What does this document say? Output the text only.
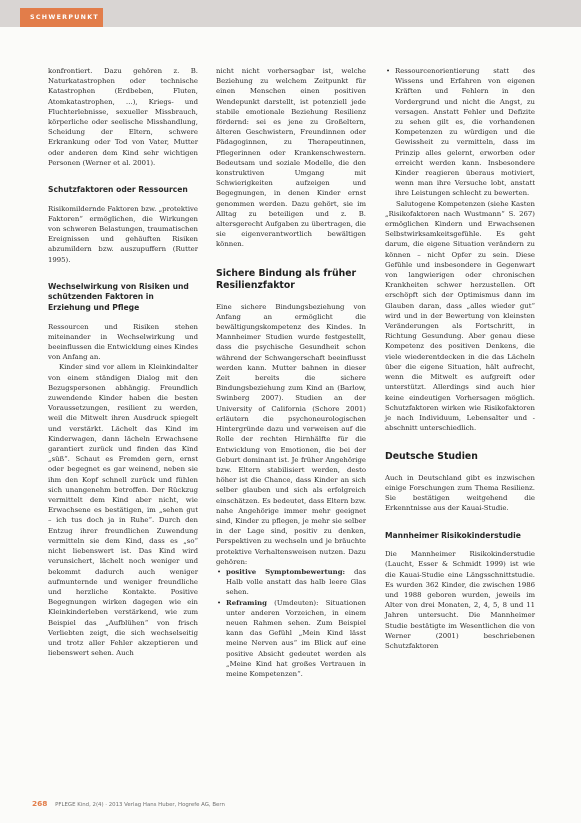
SCHWERPUNKT

konfrontiert. Dazu gehören z. B. Naturkatastrophen oder technische Katastrophen (Erdbeben, Fluten, Atomkatastrophen, …), Kriegs- und Fluchterlebnisse, sexueller Missbrauch, körperliche oder seelische Misshandlung, Scheidung der Eltern, schwere Erkrankung oder Tod von Vater, Mutter oder anderen dem Kind sehr wichtigen Personen (Werner et al. 2001).

Schutzfaktoren oder Ressourcen

Risikomildernde Faktoren bzw. „protektive Faktoren“ ermöglichen, die Wirkungen von schweren Belastungen, traumatischen Ereignissen und gehäuften Risiken abzumildern bzw. auszupuffern (Rutter 1995).

Wechselwirkung von Risiken und schützenden Faktoren in Erziehung und Pflege

Ressourcen und Risiken stehen miteinander in Wechselwirkung und beeinflussen die Entwicklung eines Kindes von Anfang an.

Kinder sind vor allem in Kleinkindalter von einem ständigen Dialog mit den Bezugspersonen abhängig. Freundlich zuwendende Kinder haben die besten Voraussetzungen, resilient zu werden, weil die Mitwelt ihren Ausdruck spiegelt und verstärkt. Lächelt das Kind im Kinderwagen, dann lächeln Erwachsene garantiert zurück und finden das Kind „süß“. Schaut es Fremden gern, ernst oder begegnet es gar weinend, neben sie ihm den Kopf schnell zurück und fühlen sich unangenehm betroffen. Der Rückzug vermittelt dem Kind aber nicht, wie Erwachsene es bestätigen, im „sehen gut – ich tus doch ja in Ruhe“. Durch den Entzug ihrer freundlichen Zuwendung vermitteln sie dem Kind, dass es „so“ nicht liebenswert ist. Das Kind wird verunsichert, lächelt noch weniger und bekommt dadurch auch weniger aufmunternde und weniger freundliche und herzliche Kontakte. Positive Begegnungen wirken dagegen wie ein Kleinkinderleben verstärkend, wie zum Beispiel das „Aufblühen“ von frisch Verliebten zeigt, die sich wechselseitig und trotz aller Fehler akzeptieren und liebenswert sehen. Auch

nicht nicht vorhersagbar ist, welche Beziehung zu welchem Zeitpunkt für einen Menschen einen positiven Wendepunkt darstellt, ist potenziell jede stabile emotionale Beziehung Resilienz fördernd: sei es jene zu Großeltern, älteren Geschwistern, Freundinnen oder Pädagoginnen, zu Therapeutinnen, Pflegerinnen oder Krankenschwestern. Bedeutsam und soziale Modelle, die den konstruktiven Umgang mit Schwierigkeiten aufzeigen und Begegnungen, in denen Kinder ernst genommen werden. Dazu gehört, sie im Alltag zu beteiligen und z. B. altersgerecht Aufgaben zu übertragen, die sie eigenverantwortlich bewältigen können.

Sichere Bindung als früher Resilienzfaktor

Eine sichere Bindungsbeziehung von Anfang an ermöglicht die bewältigungskompetenz des Kindes. In Mannheimer Studien wurde festgestellt, dass die psychische Gesundheit schon während der Schwangerschaft beeinflusst werden kann. Mutter bahnen in dieser Zeit bereits die sichere Bindungsbeziehung zum Kind an (Barlow, Swinberg 2007). Studien an der University of California (Schore 2001) erläutern die psychoneurologischen Hintergründe dazu und verweisen auf die Rolle der rechten Hirnhälfte für die Entwicklung von Emotionen, die bei der Geburt dominant ist. Je früher Angehörige bzw. Eltern stabilisiert werden, desto höher ist die Chance, dass Kinder an sich selber glauben und sich als erfolgreich einschätzen. Es bedeutet, dass Eltern bzw. nahe Angehörige immer mehr geeignet sind, Kinder zu pflegen, je mehr sie selber in der Lage sind, positiv zu denken, Perspektiven zu wechseln und je bräuchte protektive Verhaltensweisen nutzen. Dazu gehören:

• positive Symptombewertung: das Halb volle anstatt das halb leere Glas sehen.

• Reframing (Umdeuten): Situationen unter anderen Vorzeichen, in einem neuen Rahmen sehen. Zum Beispiel kann das Gefühl „Mein Kind lässt meine Nerven aus“ im Blick auf eine positive Absicht gedeutet werden als „Meine Kind hat großes Vertrauen in meine Kompetenzen“.

• Ressourcenorientierung statt des Wissens und Erfahren von eigenen Kräften und Fehlern in den Vordergrund und nicht die Angst, zu versagen. Anstatt Fehler und Defizite zu sehen gilt es, die vorhandenen Kompetenzen zu würdigen und die Gewissheit zu vermitteln, dass im Prinzip alles gelernt, erworben oder erreicht werden kann. Insbesondere Kinder reagieren überaus motiviert, wenn man ihre Versuche lobt, anstatt ihre Leistungen schlecht zu bewerten.

Salutogene Kompetenzen (siehe Kasten „Risikofaktoren nach Wustmann“ S. 267) ermöglichen Kindern und Erwachsenen Selbstwirksamkeitsgefühle. Es geht darum, die eigene Situation verändern zu können – nicht Opfer zu sein. Diese Gefühle und insbesondere in Gegenwart von langwierigen oder chronischen Krankheiten schwer herzustellen. Oft erschöpft sich der Optimismus dann im Glauben daran, dass „alles wieder gut“ wird und in der Bewertung von kleinsten Veränderungen als Fortschritt, in Richtung Gesundung. Aber genau diese Kompetenz des positiven Denkens, die viele wiederentdecken in die das Lächeln über die eigene Situation, hält aufrecht, wenn die Mitwelt es aufgreift oder unterstützt. Allerdings sind auch hier keine eindeutigen Vorhersagen möglich. Schutzfaktoren wirken wie Risikofaktoren je nach Individuum, Lebensalter und -abschnitt unterschiedlich.

Deutsche Studien

Auch in Deutschland gibt es inzwischen einige Forschungen zum Thema Resilienz. Sie bestätigen weitgehend die Erkenntnisse aus der Kauai-Studie.

Mannheimer Risikokinderstudie

Die Mannheimer Risikokinderstudie (Laucht, Esser & Schmidt 1999) ist wie die Kauai-Studie eine Längsschnittstudie. Es wurden 362 Kinder, die zwischen 1986 und 1988 geboren wurden, jeweils im Alter von drei Monaten, 2, 4, 5, 8 und 11 Jahren untersucht. Die Mannheimer Studie bestätigte im Wesentlichen die von Werner (2001) beschriebenen Schutzfaktoren

268 PFLEGE Kind, 2(4) · 2013 Verlag Hans Huber, Hogrefe AG, Bern
